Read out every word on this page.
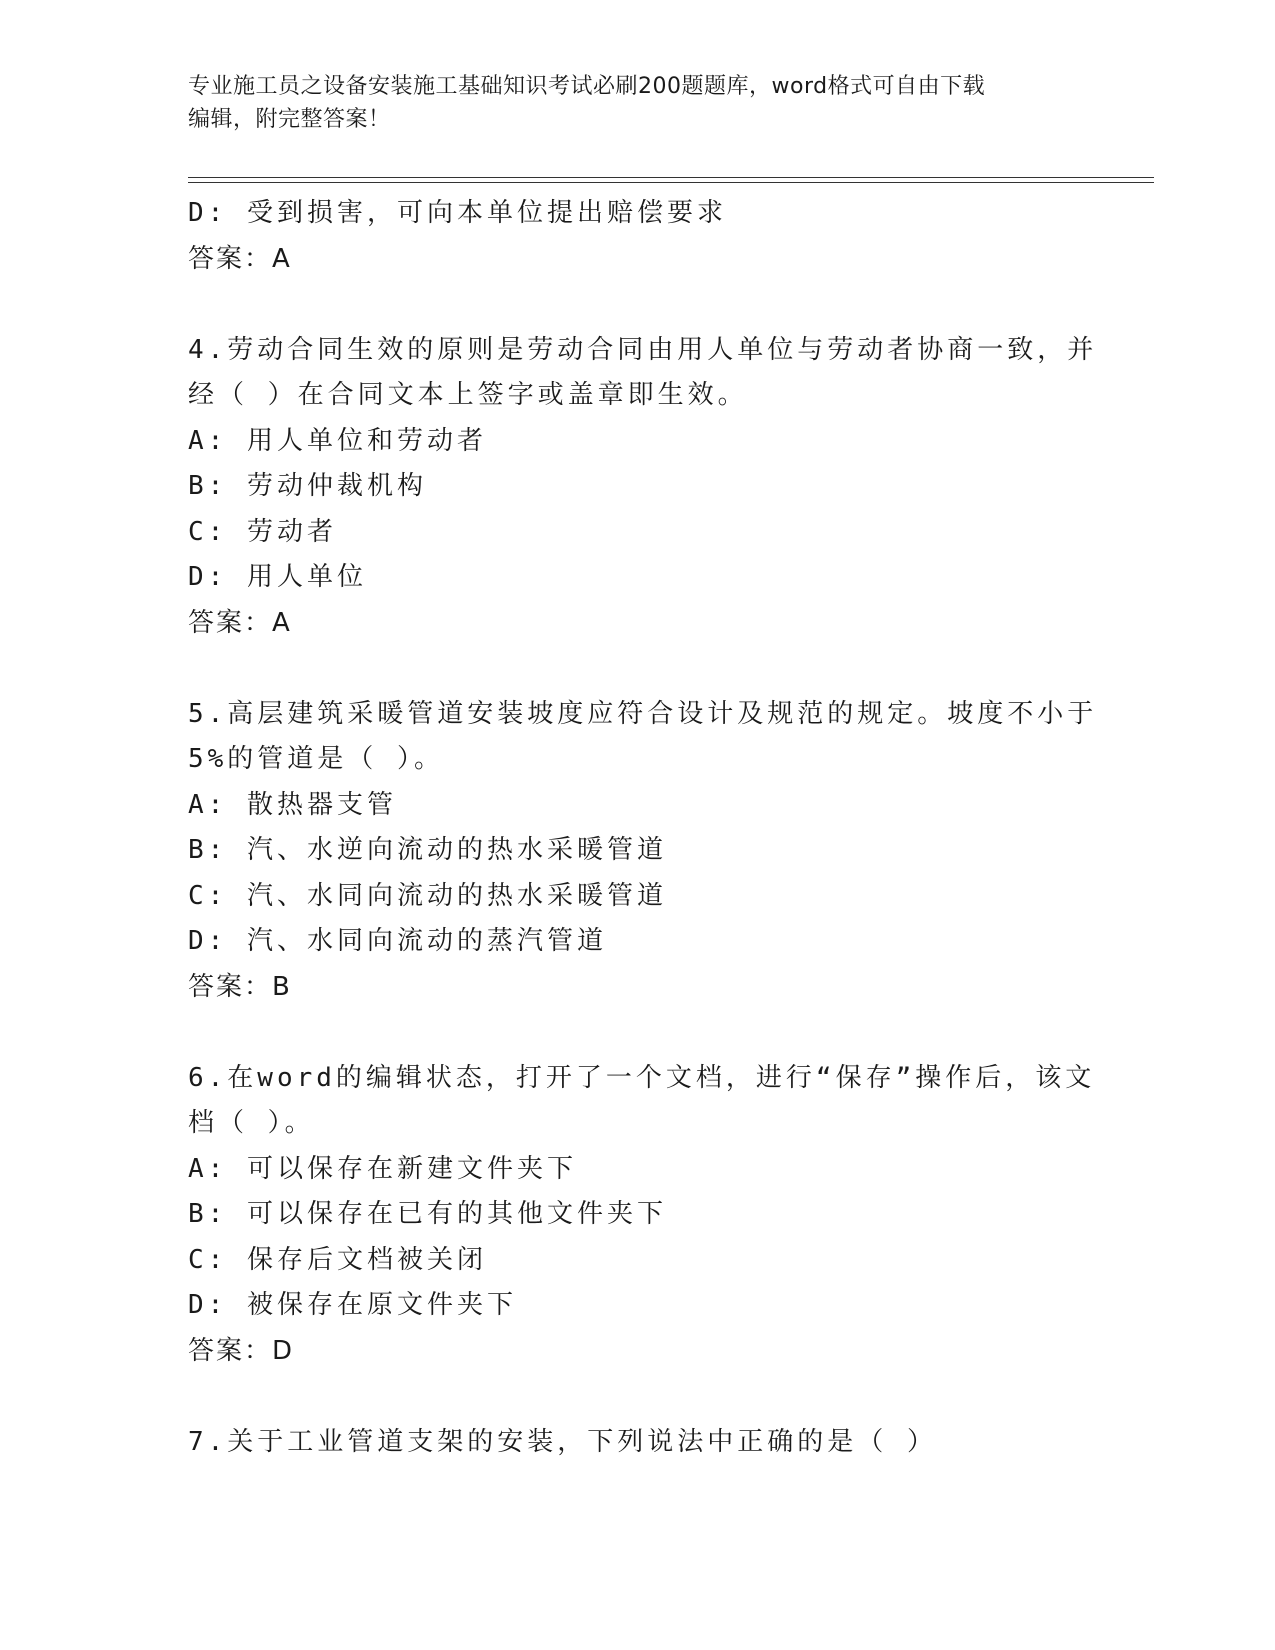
专业施工员之设备安装施工基础知识考试必刷200题题库，word格式可自由下载
编辑，附完整答案！
D: 受到损害，可向本单位提出赔偿要求
答案：A
4.劳动合同生效的原则是劳动合同由用人单位与劳动者协商一致，并
经（ ）在合同文本上签字或盖章即生效。
A: 用人单位和劳动者
B: 劳动仲裁机构
C: 劳动者
D: 用人单位
答案：A
5.高层建筑采暖管道安装坡度应符合设计及规范的规定。坡度不小于
5%的管道是（ ）。
A: 散热器支管
B: 汽、水逆向流动的热水采暖管道
C: 汽、水同向流动的热水采暖管道
D: 汽、水同向流动的蒸汽管道
答案：B
6.在word的编辑状态，打开了一个文档，进行“保存”操作后，该文
档（ ）。
A: 可以保存在新建文件夹下
B: 可以保存在已有的其他文件夹下
C: 保存后文档被关闭
D: 被保存在原文件夹下
答案：D
7.关于工业管道支架的安装，下列说法中正确的是（ ）
